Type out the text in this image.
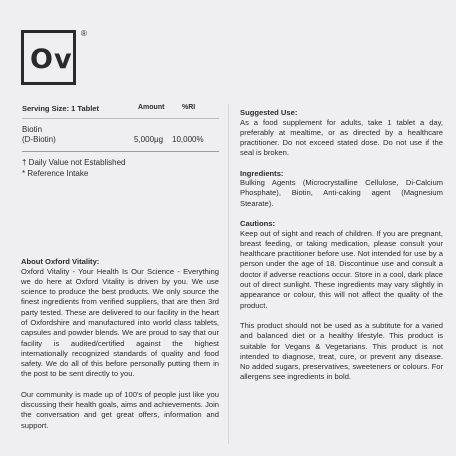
Ov
®
Serving Size: 1 Tablet	Amount	%RI
Biotin
(D-Biotin)	5,000µg	10,000%
† Daily Value not Established
* Reference Intake
About Oxford Vitality:

Oxford Vitality - Your Health Is Our Science - Everything we do here at Oxford Vitality is driven by you. We use science to produce the best products. We only source the finest ingredients from verified suppliers, that are then 3rd party tested. These are delivered to our facility in the heart of Oxfordshire and manufactured into world class tablets, capsules and powder blends. We are proud to say that our facility is audited/certified against the highest internationally recognized standards of quality and food safety. We do all of this before personally putting them in the post to be sent directly to you.

Our community is made up of 100's of people just like you discussing their health goals, aims and achievements. Join the conversation and get great offers, information and support.

Suggested Use:

As a food supplement for adults, take 1 tablet a day, preferably at mealtime, or as directed by a healthcare practitioner. Do not exceed stated dose. Do not use if the seal is broken.

Ingredients:

Bulking Agents (Microcrystalline Cellulose, Di-Calcium Phosphate), Biotin, Anti-caking agent (Magnesium Stearate).

Cautions:

Keep out of sight and reach of children. If you are pregnant, breast feeding, or taking medication, please consult your healthcare practitioner before use. Not intended for use by a person under the age of 18. Discontinue use and consult a doctor if adverse reactions occur. Store in a cool, dark place out of direct sunlight. These ingredients may vary slightly in appearance or colour, this will not affect the quality of the product.

This product should not be used as a subtitute for a varied and balanced diet or a healthy lifestyle. This product is suitable for Vegans & Vegetarians. This product is not intended to diagnose, treat, cure, or prevent any disease. No added sugars, preservatives, sweeteners or colours. For allergens see ingredients in bold.
